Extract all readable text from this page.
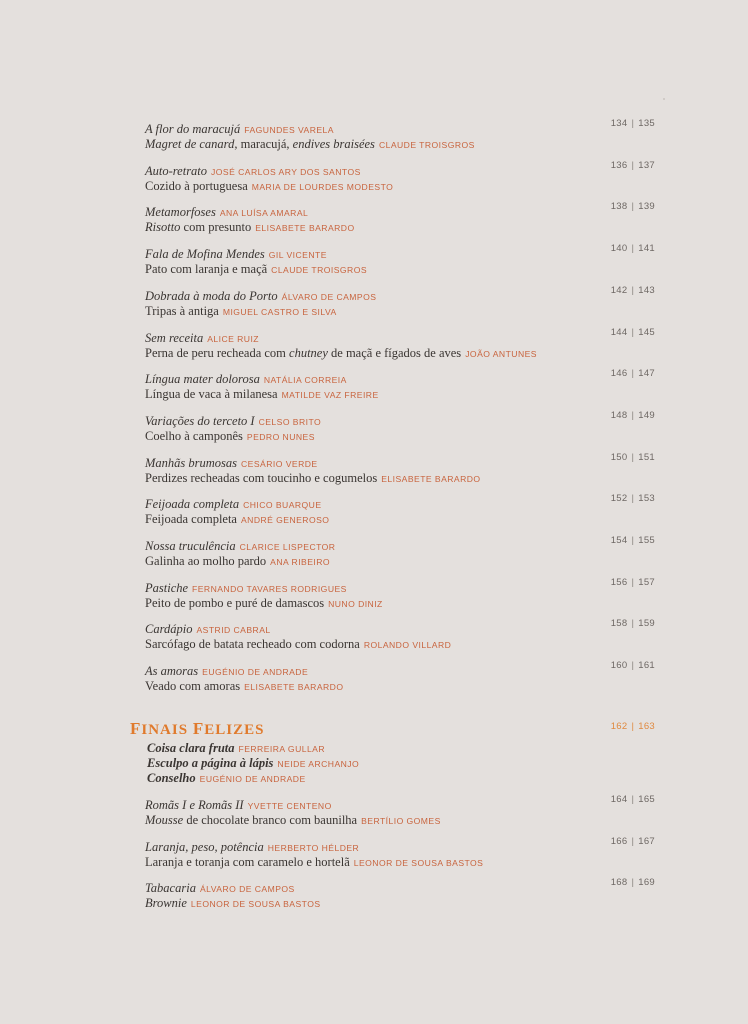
FINAIS FELIZES	162 | 163
Coisa clara fruta FERREIRA GULLAR
Esculpo a página à lápis NEIDE ARCHANJO
Conselho EUGÉNIO DE ANDRADE
A flor do maracujá FAGUNDES VARELA
Magret de canard, maracujá, endives braisées CLAUDE TROISGROS
134 | 135
Auto-retrato JOSÉ CARLOS ARY DOS SANTOS
Cozido à portuguesa MARIA DE LOURDES MODESTO
136 | 137
Metamorfoses ANA LUÍSA AMARAL
Risotto com presunto ELISABETE BARARDO
138 | 139
Fala de Mofina Mendes GIL VICENTE
Pato com laranja e maçã CLAUDE TROISGROS
140 | 141
Dobrada à moda do Porto ÁLVARO DE CAMPOS
Tripas à antiga MIGUEL CASTRO E SILVA
142 | 143
Sem receita ALICE RUIZ
Perna de peru recheada com chutney de maçã e fígados de aves JOÃO ANTUNES
144 | 145
Língua mater dolorosa NATÁLIA CORREIA
Língua de vaca à milanesa MATILDE VAZ FREIRE
146 | 147
Variações do terceto I CELSO BRITO
Coelho à camponês PEDRO NUNES
148 | 149
Manhãs brumosas CESÁRIO VERDE
Perdizes recheadas com toucinho e cogumelos ELISABETE BARARDO
150 | 151
Feijoada completa CHICO BUARQUE
Feijoada completa ANDRÉ GENEROSO
152 | 153
Nossa truculência CLARICE LISPECTOR
Galinha ao molho pardo ANA RIBEIRO
154 | 155
Pastiche FERNANDO TAVARES RODRIGUES
Peito de pombo e puré de damascos NUNO DINIZ
156 | 157
Cardápio ASTRID CABRAL
Sarcófago de batata recheado com codorna ROLANDO VILLARD
158 | 159
As amoras EUGÉNIO DE ANDRADE
Veado com amoras ELISABETE BARARDO
160 | 161
Romãs I e Romãs II YVETTE CENTENO
Mousse de chocolate branco com baunilha BERTÍLIO GOMES
164 | 165
Laranja, peso, potência HERBERTO HÉLDER
Laranja e toranja com caramelo e hortelã LEONOR DE SOUSA BASTOS
166 | 167
Tabacaria ÁLVARO DE CAMPOS
Brownie LEONOR DE SOUSA BASTOS
168 | 169
